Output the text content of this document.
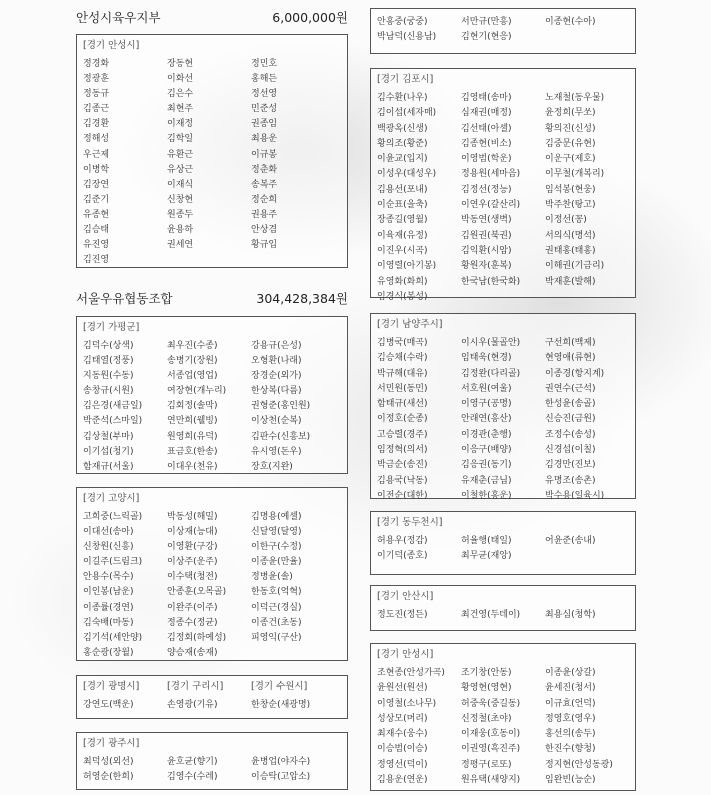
안성시육우지부	6,000,000원
[경기 안성시]
정경화	장동현	정민호
정광훈	이화선	홍해든
정동규	김은수	정선영
김종근	최현주	민준성
김경환	이재정	권종임
정해성	김학일	최용운
우근제	유환근	이규봉
이병학	유상근	정춘화
김장연	이재식	송복주
김준기	신창현	정순희
유종현	원종두	권용주
김승태	윤용하	안상겸
유진영	권세연	황규입
김진영
서울우유협동조합	304,428,384원
[경기 가평군]
김덕수(상색)	최우진(수종)	강용규(은성)
김태열(정풍)	송병기(장원)	오형환(나래)
지동원(수동)	서종업(영업)	장경순(외가)
송창규(시원)	여장현(개누리)	한상복(다름)
김은경(새금일)	김회정(솔막)	권형준(홍인원)
박준석(스마일)	연만희(웰빙)	이상천(순복)
김상철(부마)	원영희(유덕)	김판수(신흥보)
이기섭(청기)	표금호(한송)	유시영(돈우)
함재규(서울)	이대우(천유)	장호(지완)
[경기 고양시]
고희중(느릭골)	박동성(해밀)	김명용(예셀)
이대선(송아)	이상재(능대)	신달영(달영)
신창원(신흥)	이영환(구강)	이한구(수정)
이길주(드림크)	이상주(운주)	이종윤(만율)
안용수(목수)	이수택(청전)	정병윤(솔)
이인봉(남운)	안종훈(오목골)	한동호(억혁)
이종률(경연)	이완주(이주)	이덕근(경실)
김숙배(마동)	정종수(정균)	이종건(초동)
김기석(세안양)	김정회(하예성)	피영익(구산)
홍순광(장월)	양승재(송재)
[경기 광명시]
강연도(백운)
[경기 구리시]
손영광(기유)
[경기 수원시]
한창순(새광명)
[경기 광주시]
최덕성(외선)	윤호균(향기)	윤병업(야자수)
허영순(한희)	김영수(수레)	이승탁(고압소)
안홍중(궁중)	서만규(만흥)	이종현(수아)
박남덕(신용남)	김현기(현응)
[경기 김포시]
김수환(나우)	김영태(송마)	노재철(동우물)
김이섭(세자매)	심재권(매정)	윤정희(무쏘)
백광옥(신생)	김선태(아셀)	황의진(신성)
황의조(황준)	김종현(비소)	김중문(유현)
이윤교(입지)	이영범(학운)	이운구(제호)
이성우(대성우)	정용원(세마음)	이무철(개복리)
김용선(포내)	김정선(정능)	임석봉(현웅)
이순표(을축)	이연우(갈산리)	박주찬(탕고)
장종길(영월)	박동연(생벽)	이정선(꽁)
이육재(유정)	김원권(북권)	서의식(명석)
이진우(시곡)	김익환(시암)	권태홍(태홍)
이영렬(아기봉)	황원자(훈복)	이해권(기금리)
유영화(화희)	한국남(한국화)	박재훈(발해)
임경식(봉성)
[경기 남양주시]
김병국(매곡)	이시우(물골안)	구선희(백제)
김승채(수락)	임태욱(현경)	현영애(류현)
박규해(대유)	김정완(다리골)	이종경(항지계)
서민원(동민)	서호원(여울)	권연수(근석)
함태규(새선)	이영구(공명)	한성윤(송골)
이정호(순종)	안래연(흥산)	신승진(금원)
고승렬(경주)	이경관(춘행)	조정수(송성)
임정혁(의서)	이응구(배양)	신경섭(이칠)
박금순(송진)	김응권(동기)	김경만(진보)
김용국(낙동)	유재춘(금님)	유명조(송촌)
이전순(대한)	이철한(홍운)	박수용(일육시)
[경기 동두천시]
허용우(정감)	허율행(태일)	어윤준(송내)
이기덕(종호)	최무균(재앙)
[경기 안산시]
정도진(정든)	최건영(두데이)	최용심(청학)
[경기 안성시]
조현종(안성가곡)	조기창(안동)	이종윤(상갈)
윤원선(원선)	황영현(영현)	윤세진(청서)
이영철(소나무)	허중욱(중길동)	이규효(언덕)
성상모(머리)	신정철(초야)	정영호(영우)
최재수(웅수)	이재웅(호동이)	홍선의(송두)
이승범(이승)	이권영(흑진주)	한진수(향청)
정영선(덕이)	정평구(로또)	정지현(안성동광)
김용운(연운)	원유택(새양지)	임완빈(능순)
